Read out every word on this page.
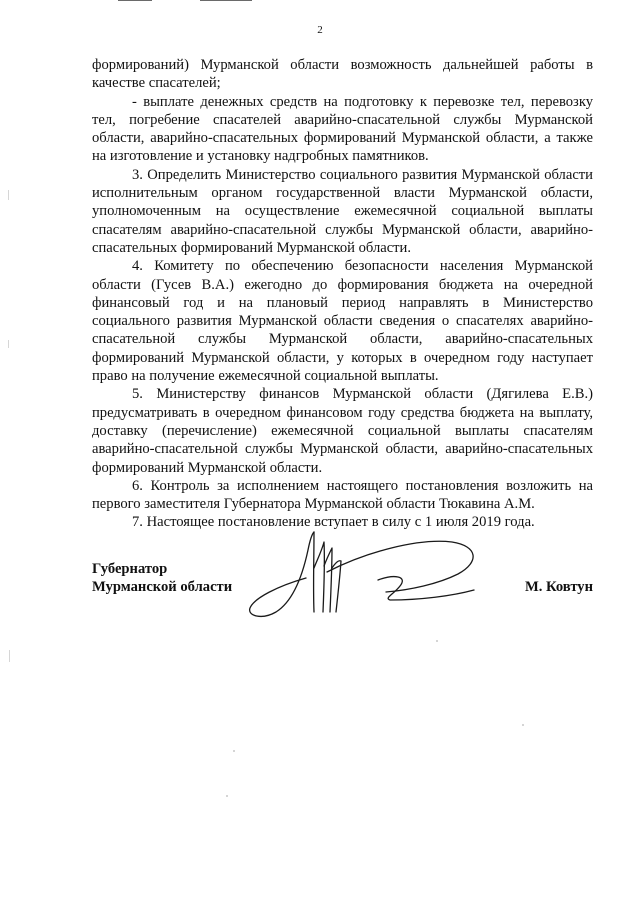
2

формирований) Мурманской области возможность дальнейшей работы в качестве спасателей;

- выплате денежных средств на подготовку к перевозке тел, перевозку тел, погребение спасателей аварийно-спасательной службы Мурманской области, аварийно-спасательных формирований Мурманской области, а также на изготовление и установку надгробных памятников.

3. Определить Министерство социального развития Мурманской области исполнительным органом государственной власти Мурманской области, уполномоченным на осуществление ежемесячной социальной выплаты спасателям аварийно-спасательной службы Мурманской области, аварийно-спасательных формирований Мурманской области.

4. Комитету по обеспечению безопасности населения Мурманской области (Гусев В.А.) ежегодно до формирования бюджета на очередной финансовый год и на плановый период направлять в Министерство социального развития Мурманской области сведения о спасателях аварийно-спасательной службы Мурманской области, аварийно-спасательных формирований Мурманской области, у которых в очередном году наступает право на получение ежемесячной социальной выплаты.

5. Министерству финансов Мурманской области (Дягилева Е.В.) предусматривать в очередном финансовом году средства бюджета на выплату, доставку (перечисление) ежемесячной социальной выплаты спасателям аварийно-спасательной службы Мурманской области, аварийно-спасательных формирований Мурманской области.

6. Контроль за исполнением настоящего постановления возложить на первого заместителя Губернатора Мурманской области Тюкавина А.М.

7. Настоящее постановление вступает в силу с 1 июля 2019 года.

Губернатор
Мурманской области	М. Ковтун
